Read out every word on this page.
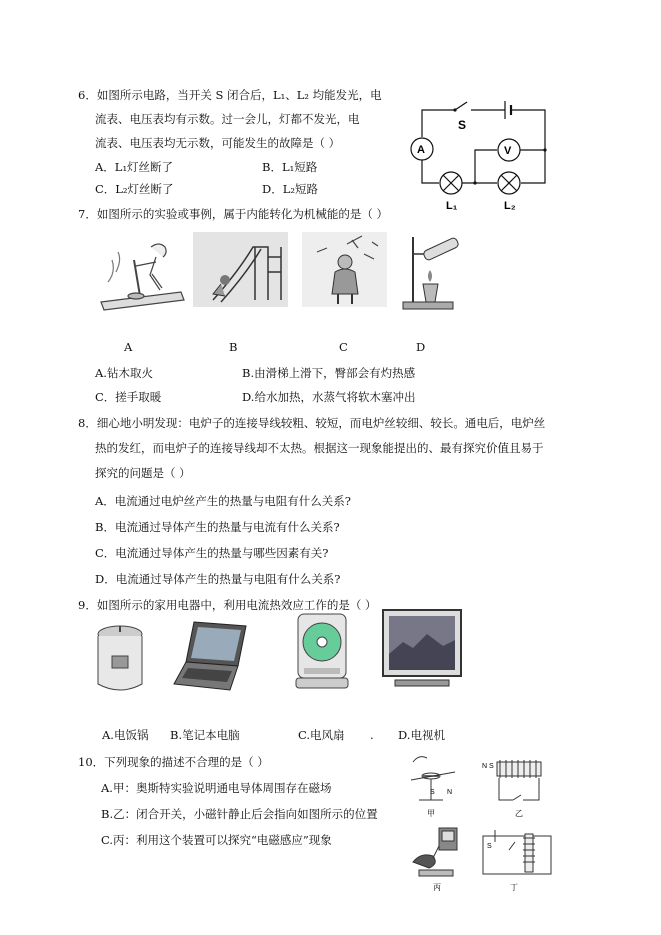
6．如图所示电路，当开关 S 闭合后，L₁、L₂ 均能发光，电
流表、电压表均有示数。过一会儿，灯都不发光，电
流表、电压表均无示数，可能发生的故障是（ ）
A．L₁灯丝断了	B．L₁短路
C．L₂灯丝断了	D．L₂短路
S
A	V
L₁	L₂
7．如图所示的实验或事例，属于内能转化为机械能的是（ ）
A	B	C	D
A.钻木取火	B.由滑梯上滑下，臀部会有灼热感
C．搓手取暖	D.给水加热，水蒸气将软木塞冲出
8．细心地小明发现：电炉子的连接导线较粗、较短，而电炉丝较细、较长。通电后，电炉丝
热的发红，而电炉子的连接导线却不太热。根据这一现象能提出的、最有探究价值且易于
探究的问题是（ ）
A．电流通过电炉丝产生的热量与电阻有什么关系?
B．电流通过导体产生的热量与电流有什么关系?
C．电流通过导体产生的热量与哪些因素有关?
D．电流通过导体产生的热量与电阻有什么关系?
9．如图所示的家用电器中，利用电流热效应工作的是（ ）
A.电饭锅 B.笔记本电脑	C.电风扇 . D.电视机
10．下列现象的描述不合理的是（ ）
A.甲：奥斯特实验说明通电导体周围存在磁场
B.乙：闭合开关，小磁针静止后会指向如图所示的位置
C.丙：利用这个装置可以探究“电磁感应”现象
S N
甲
N S
乙
丙
S
丁
